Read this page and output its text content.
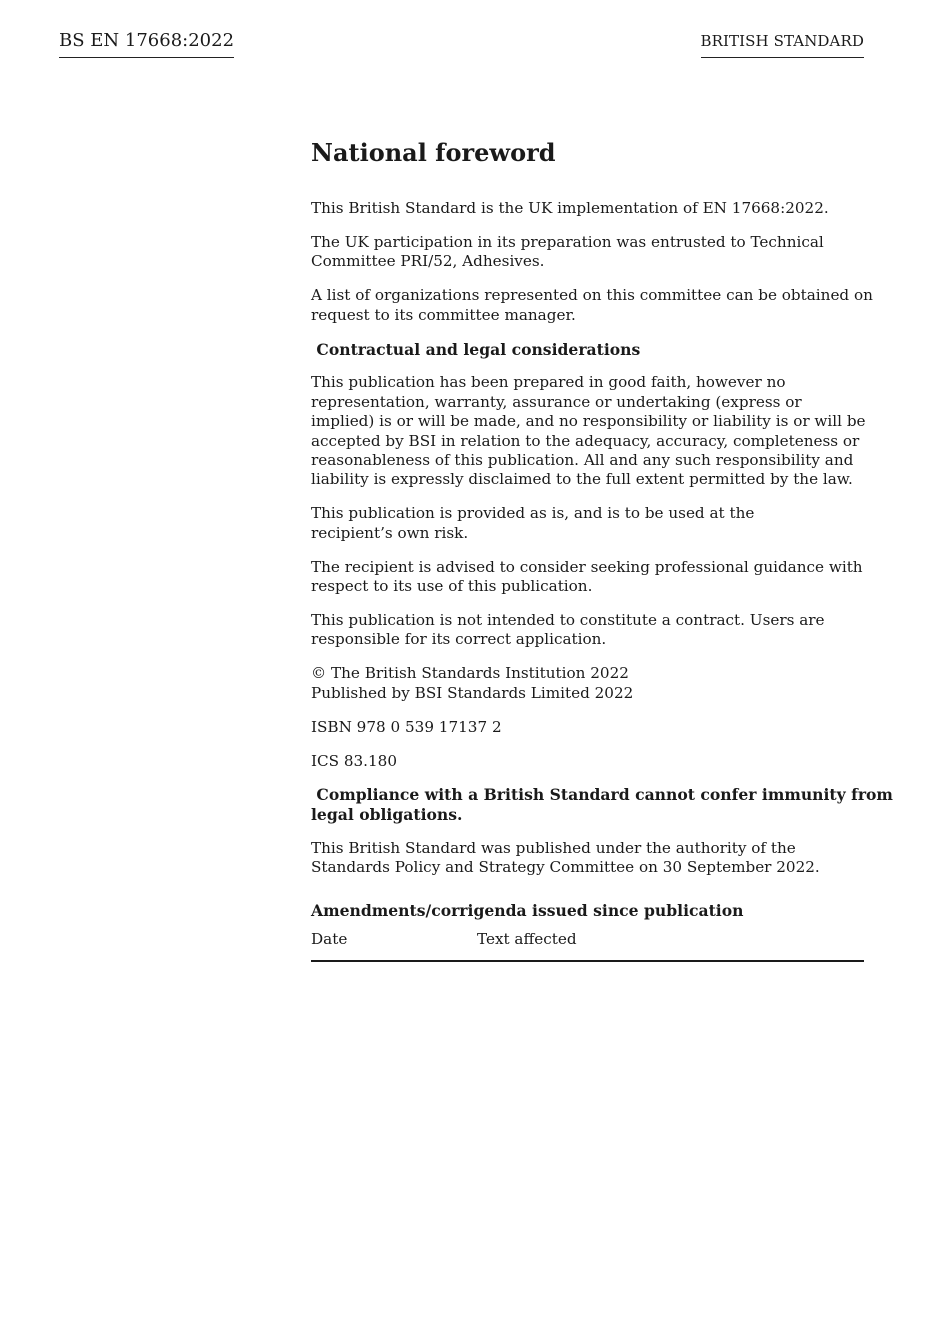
BS EN 17668:2022	BRITISH STANDARD
National foreword
This British Standard is the UK implementation of EN 17668:2022.
The UK participation in its preparation was entrusted to Technical
Committee PRI/52, Adhesives.
A list of organizations represented on this committee can be obtained on
request to its committee manager.
Contractual and legal considerations
This publication has been prepared in good faith, however no
representation, warranty, assurance or undertaking (express or
implied) is or will be made, and no responsibility or liability is or will be
accepted by BSI in relation to the adequacy, accuracy, completeness or
reasonableness of this publication. All and any such responsibility and
liability is expressly disclaimed to the full extent permitted by the law.
This publication is provided as is, and is to be used at the
recipient’s own risk.
The recipient is advised to consider seeking professional guidance with
respect to its use of this publication.
This publication is not intended to constitute a contract. Users are
responsible for its correct application.
© The British Standards Institution 2022
Published by BSI Standards Limited 2022
ISBN 978 0 539 17137 2
ICS 83.180
Compliance with a British Standard cannot confer immunity from
legal obligations.
This British Standard was published under the authority of the
Standards Policy and Strategy Committee on 30 September 2022.
Amendments/corrigenda issued since publication
Date	Text affected
